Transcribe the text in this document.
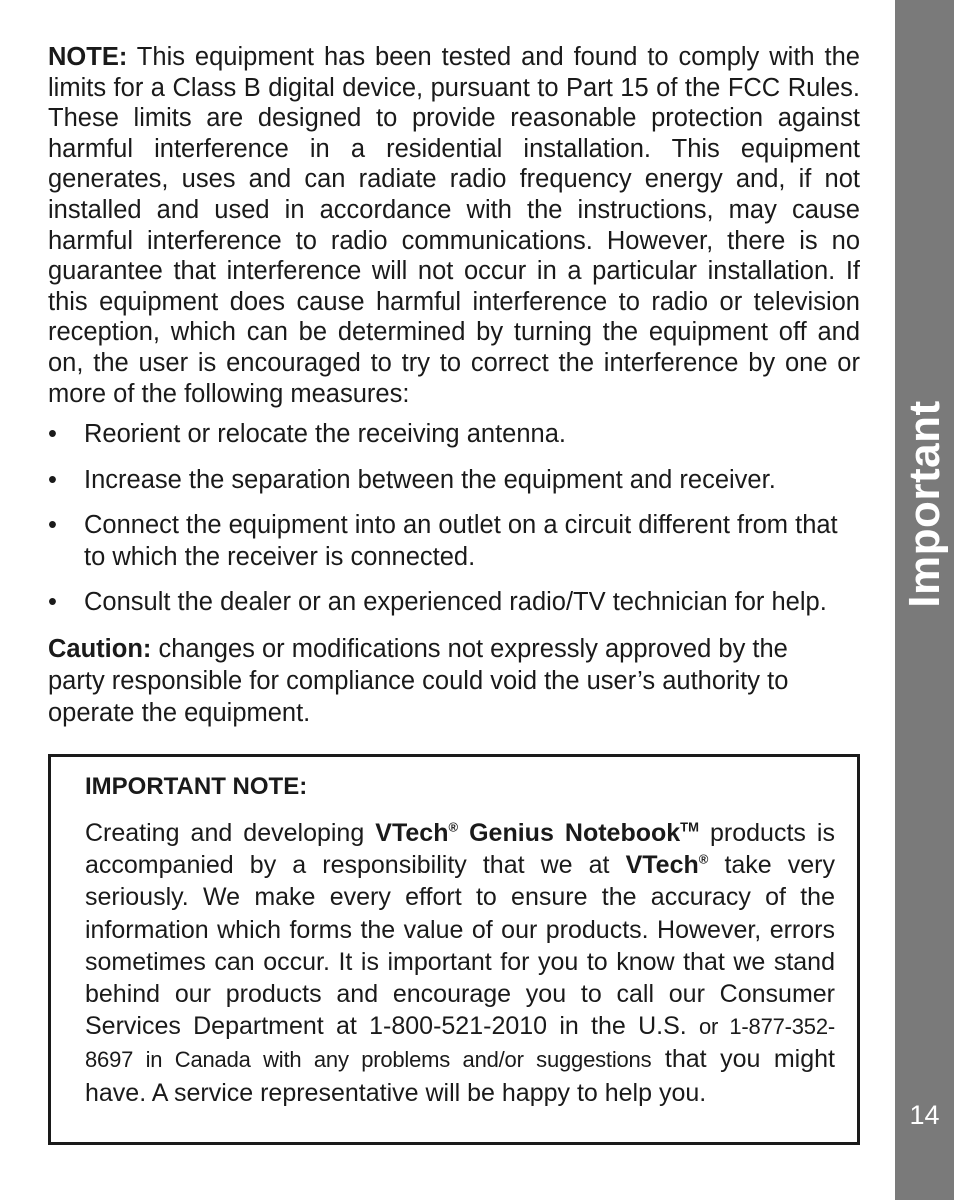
NOTE: This equipment has been tested and found to comply with the limits for a Class B digital device, pursuant to Part 15 of the FCC Rules. These limits are designed to provide reasonable protection against harmful interference in a residential installation. This equipment generates, uses and can radiate radio frequency energy and, if not installed and used in accordance with the instructions, may cause harmful interference to radio communications. However, there is no guarantee that interference will not occur in a particular installation. If this equipment does cause harmful interference to radio or television reception, which can be determined by turning the equipment off and on, the user is encouraged to try to correct the interference by one or more of the following measures:

• Reorient or relocate the receiving antenna.
• Increase the separation between the equipment and receiver.
• Connect the equipment into an outlet on a circuit different from that to which the receiver is connected.
• Consult the dealer or an experienced radio/TV technician for help.

Caution: changes or modifications not expressly approved by the party responsible for compliance could void the user’s authority to operate the equipment.

IMPORTANT NOTE:

Creating and developing VTech® Genius Notebook™ products is accompanied by a responsibility that we at VTech® take very seriously. We make every effort to ensure the accuracy of the information which forms the value of our products. However, errors sometimes can occur. It is important for you to know that we stand behind our products and encourage you to call our Consumer Services Department at 1-800-521-2010 in the U.S. or 1-877-352-8697 in Canada with any problems and/or suggestions that you might have. A service representative will be happy to help you.

Important
14
